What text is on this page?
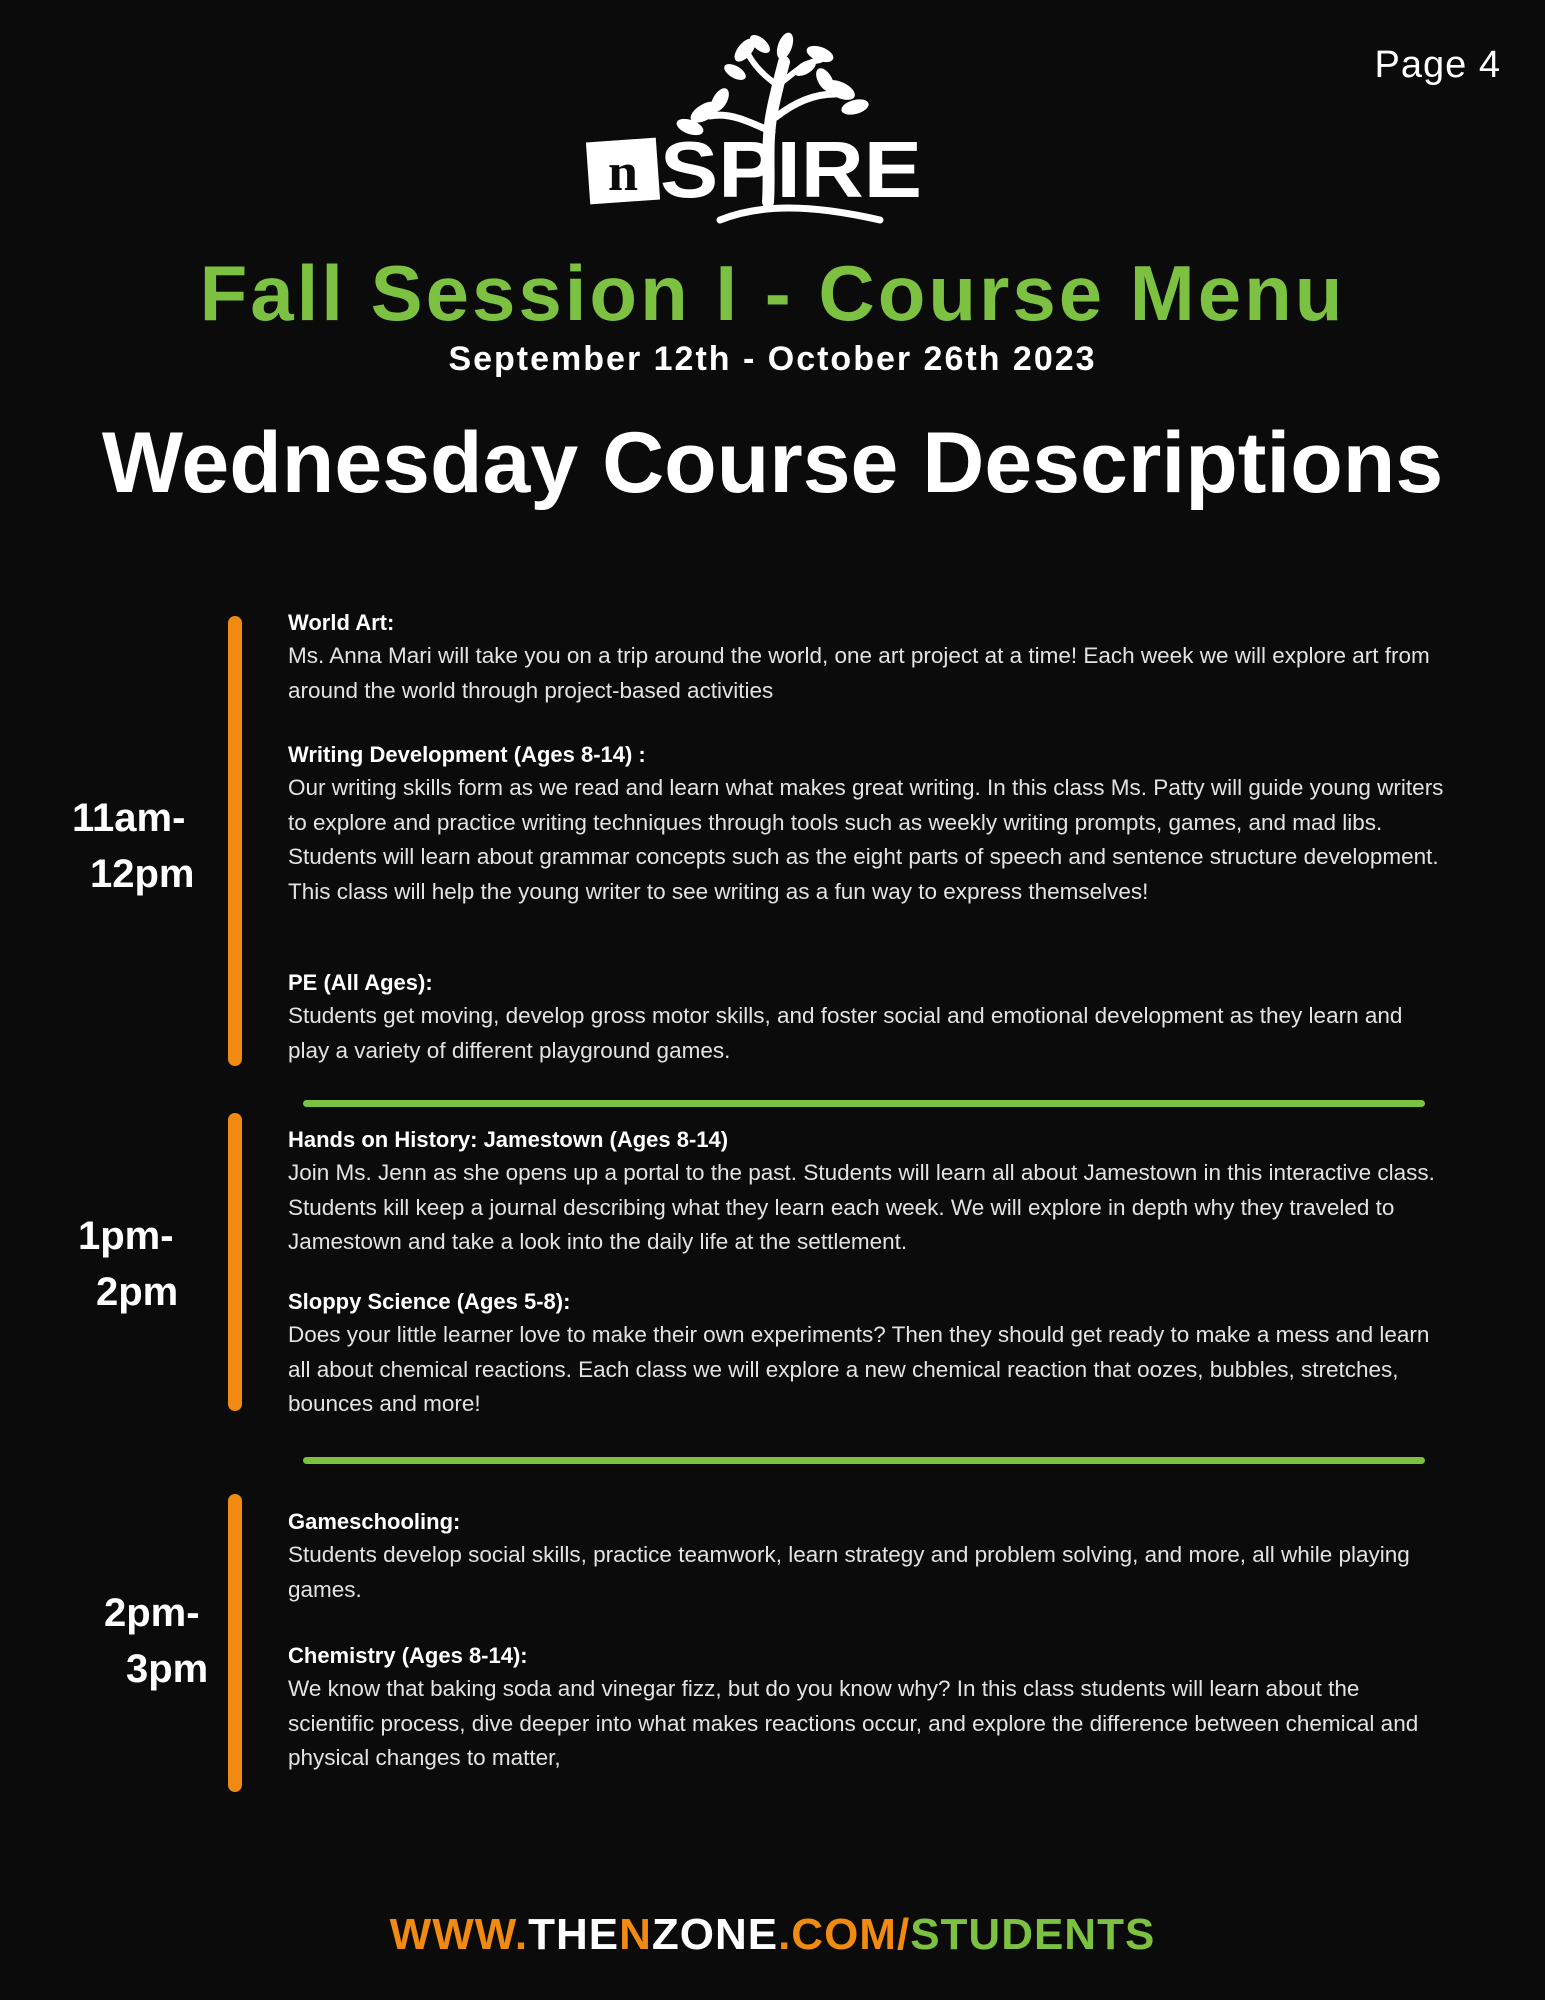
Page 4
n SPIRE
Fall Session I - Course Menu
September 12th - October 26th 2023
Wednesday Course Descriptions
11am-
12pm
World Art:
Ms. Anna Mari will take you on a trip around the world, one art project at a time! Each week we will explore art from around the world through project-based activities
Writing Development (Ages 8-14) :
Our writing skills form as we read and learn what makes great writing. In this class Ms. Patty will guide young writers to explore and practice writing techniques through tools such as weekly writing prompts, games, and mad libs. Students will learn about grammar concepts such as the eight parts of speech and sentence structure development. This class will help the young writer to see writing as a fun way to express themselves!
PE (All Ages):
Students get moving, develop gross motor skills, and foster social and emotional development as they learn and play a variety of different playground games.
1pm-
2pm
Hands on History: Jamestown (Ages 8-14)
Join Ms. Jenn as she opens up a portal to the past. Students will learn all about Jamestown in this interactive class. Students kill keep a journal describing what they learn each week. We will explore in depth why they traveled to Jamestown and take a look into the daily life at the settlement.
Sloppy Science (Ages 5-8):
Does your little learner love to make their own experiments? Then they should get ready to make a mess and learn all about chemical reactions. Each class we will explore a new chemical reaction that oozes, bubbles, stretches, bounces and more!
2pm-
3pm
Gameschooling:
Students develop social skills, practice teamwork, learn strategy and problem solving, and more, all while playing games.
Chemistry (Ages 8-14):
We know that baking soda and vinegar fizz, but do you know why? In this class students will learn about the scientific process, dive deeper into what makes reactions occur, and explore the difference between chemical and physical changes to matter,
WWW.THENZONE.COM/STUDENTS
